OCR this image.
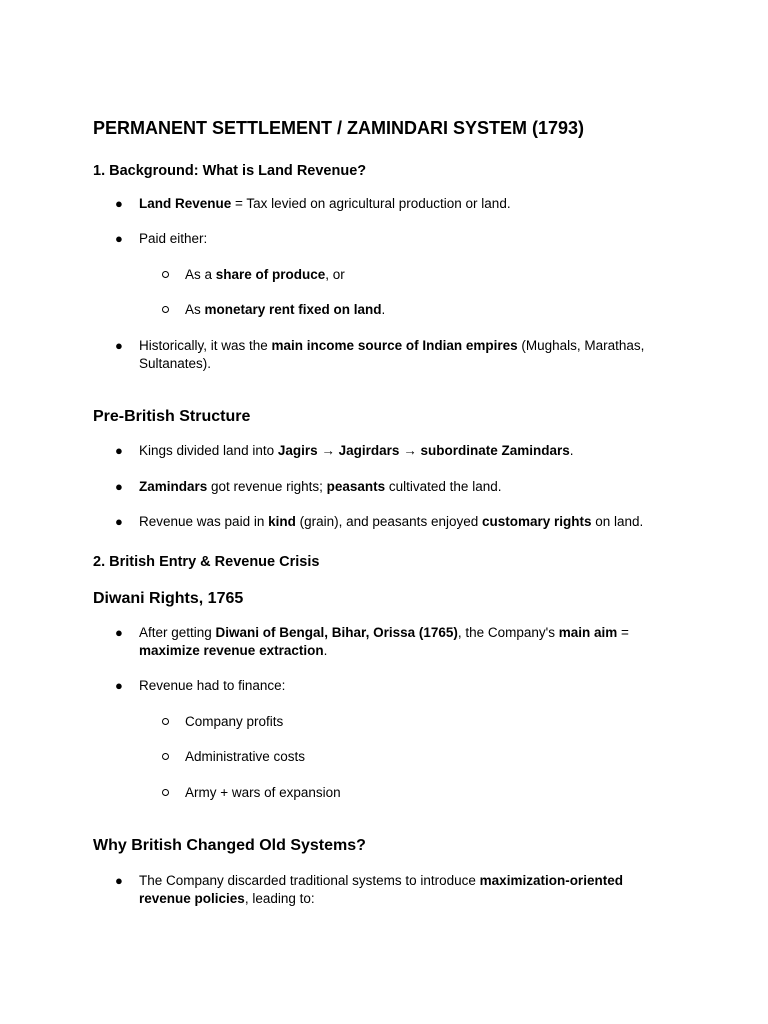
PERMANENT SETTLEMENT / ZAMINDARI SYSTEM (1793)
1. Background: What is Land Revenue?
● Land Revenue = Tax levied on agricultural production or land.
● Paid either:
As a share of produce, or
As monetary rent fixed on land.
● Historically, it was the main income source of Indian empires (Mughals, Marathas,
Sultanates).
Pre-British Structure
● Kings divided land into Jagirs → Jagirdars → subordinate Zamindars.
● Zamindars got revenue rights; peasants cultivated the land.
● Revenue was paid in kind (grain), and peasants enjoyed customary rights on land.
2. British Entry & Revenue Crisis
Diwani Rights, 1765
● After getting Diwani of Bengal, Bihar, Orissa (1765), the Company's main aim =
maximize revenue extraction.
● Revenue had to finance:
Company profits
Administrative costs
Army + wars of expansion
Why British Changed Old Systems?
● The Company discarded traditional systems to introduce maximization-oriented
revenue policies, leading to:
